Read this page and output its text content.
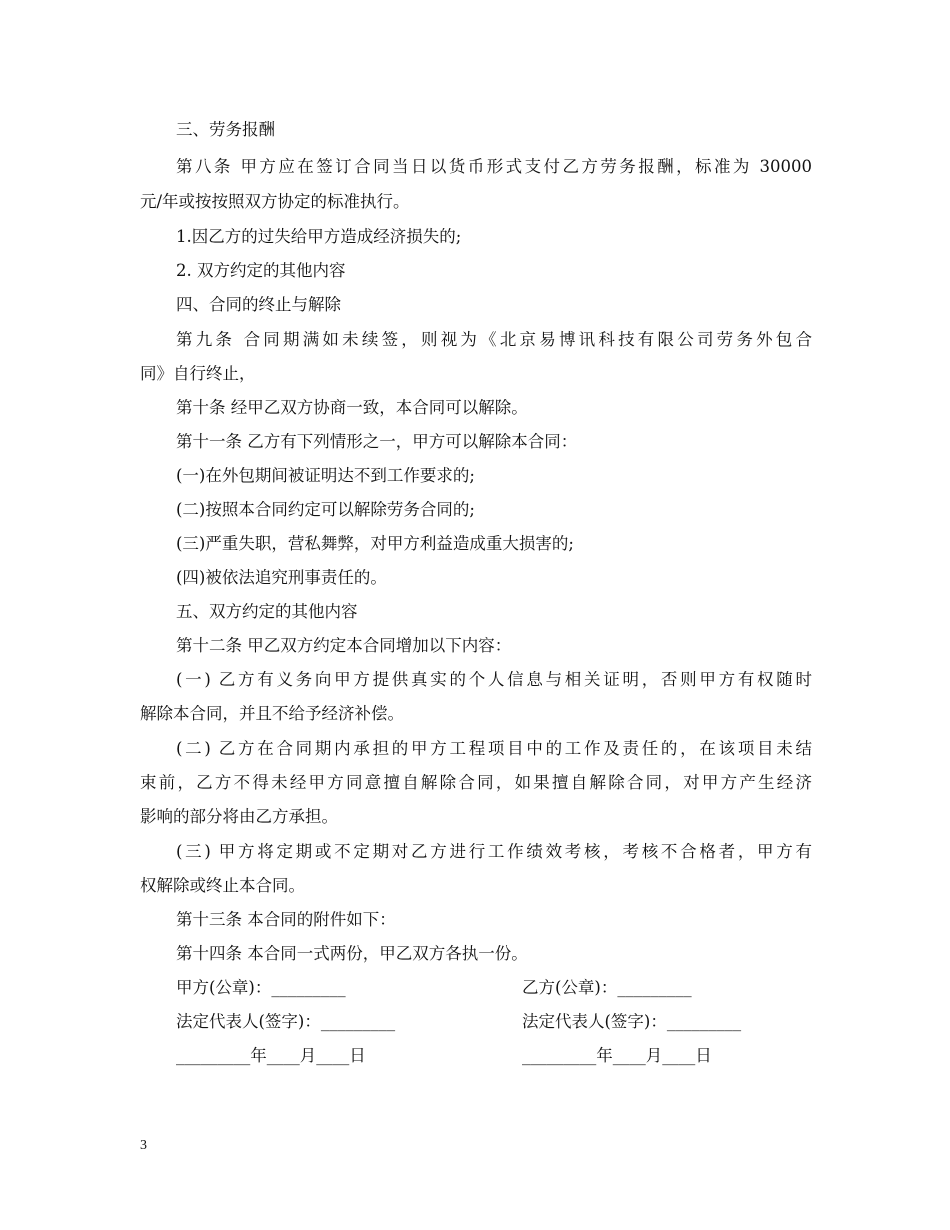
三、劳务报酬
第八条 甲方应在签订合同当日以货币形式支付乙方劳务报酬，标准为 30000
元/年或按按照双方协定的标准执行。
1.因乙方的过失给甲方造成经济损失的;
2. 双方约定的其他内容
四、合同的终止与解除
第九条 合同期满如未续签，则视为《北京易博讯科技有限公司劳务外包合
同》自行终止，
第十条 经甲乙双方协商一致，本合同可以解除。
第十一条 乙方有下列情形之一，甲方可以解除本合同：
(一)在外包期间被证明达不到工作要求的;
(二)按照本合同约定可以解除劳务合同的;
(三)严重失职，营私舞弊，对甲方利益造成重大损害的;
(四)被依法追究刑事责任的。
五、双方约定的其他内容
第十二条 甲乙双方约定本合同增加以下内容：
(一) 乙方有义务向甲方提供真实的个人信息与相关证明，否则甲方有权随时
解除本合同，并且不给予经济补偿。
(二) 乙方在合同期内承担的甲方工程项目中的工作及责任的，在该项目未结
束前，乙方不得未经甲方同意擅自解除合同，如果擅自解除合同，对甲方产生经济
影响的部分将由乙方承担。
(三) 甲方将定期或不定期对乙方进行工作绩效考核，考核不合格者，甲方有
权解除或终止本合同。
第十三条 本合同的附件如下：
第十四条 本合同一式两份，甲乙双方各执一份。
甲方(公章)：_________	乙方(公章)：_________
法定代表人(签字)：_________	法定代表人(签字)：_________
_________年____月____日	_________年____月____日
3
